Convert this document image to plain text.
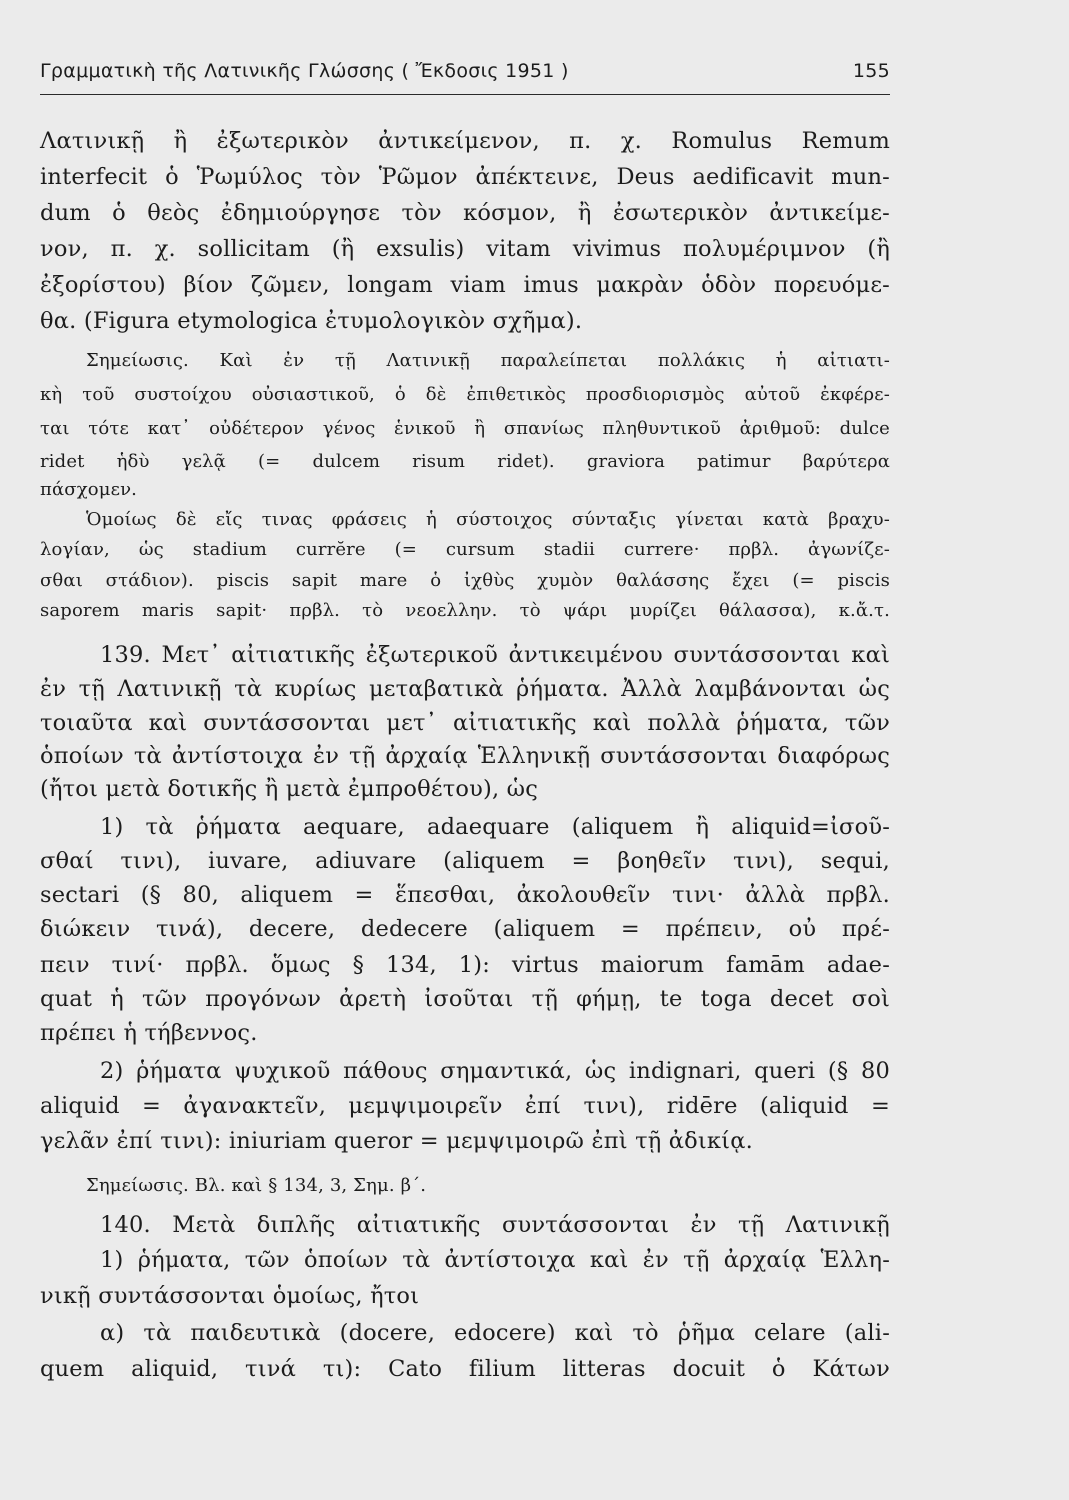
Γραμματικὴ τῆς Λατινικῆς Γλώσσης ( Ἔκδοσις 1951 )	155
Λατινικῇ ἢ ἐξωτερικὸν ἀντικείμενον, π. χ. Romulus Remum
interfecit ὁ Ῥωμύλος τὸν Ῥῶμον ἀπέκτεινε, Deus aedificavit mun-
dum ὁ θεὸς ἐδημιούργησε τὸν κόσμον, ἢ ἐσωτερικὸν ἀντικείμε-
νον, π. χ. sollicitam (ἢ exsulis) vitam vivimus πολυμέριμνον (ἢ
ἐξορίστου) βίον ζῶμεν, longam viam imus μακρὰν ὁδὸν πορευόμε-
θα. (Figura etymologica ἐτυμολογικὸν σχῆμα).
Σημείωσις. Καὶ ἐν τῇ Λατινικῇ παραλείπεται πολλάκις ἡ αἰτιατι-
κὴ τοῦ συστοίχου οὐσιαστικοῦ, ὁ δὲ ἐπιθετικὸς προσδιορισμὸς αὐτοῦ ἐκφέρε-
ται τότε κατ᾽ οὐδέτερον γένος ἑνικοῦ ἢ σπανίως πληθυντικοῦ ἀριθμοῦ: dulce
ridet ἡδὺ γελᾷ (= dulcem risum ridet). graviora patimur βαρύτερα
πάσχομεν.
Ὁμοίως δὲ εἴς τινας φράσεις ἡ σύστοιχος σύνταξις γίνεται κατὰ βραχυ-
λογίαν, ὡς stadium currĕre (= cursum stadii currere· πρβλ. ἀγωνίζε-
σθαι στάδιον). piscis sapit mare ὁ ἰχθὺς χυμὸν θαλάσσης ἔχει (= piscis
saporem maris sapit· πρβλ. τὸ νεοελλην. τὸ ψάρι μυρίζει θάλασσα), κ.ἄ.τ.
139. Μετ᾽ αἰτιατικῆς ἐξωτερικοῦ ἀντικειμένου συντάσσονται καὶ
ἐν τῇ Λατινικῇ τὰ κυρίως μεταβατικὰ ῥήματα. Ἀλλὰ λαμβάνονται ὡς
τοιαῦτα καὶ συντάσσονται μετ᾽ αἰτιατικῆς καὶ πολλὰ ῥήματα, τῶν
ὁποίων τὰ ἀντίστοιχα ἐν τῇ ἀρχαίᾳ Ἑλληνικῇ συντάσσονται διαφόρως
(ἤτοι μετὰ δοτικῆς ἢ μετὰ ἐμπροθέτου), ὡς
1) τὰ ῥήματα aequare, adaequare (aliquem ἢ aliquid=ἰσοῦ-
σθαί τινι), iuvare, adiuvare (aliquem = βοηθεῖν τινι), sequi,
sectari (§ 80, aliquem = ἕπεσθαι, ἀκολουθεῖν τινι· ἀλλὰ πρβλ.
διώκειν τινά), decere, dedecere (aliquem = πρέπειν, οὐ πρέ-
πειν τινί· πρβλ. ὅμως § 134, 1): virtus maiorum famām adae-
quat ἡ τῶν προγόνων ἀρετὴ ἰσοῦται τῇ φήμῃ, te toga decet σοὶ
πρέπει ἡ τήβεννος.
2) ῥήματα ψυχικοῦ πάθους σημαντικά, ὡς indignari, queri (§ 80
aliquid = ἀγανακτεῖν, μεμψιμοιρεῖν ἐπί τινι), ridēre (aliquid =
γελᾶν ἐπί τινι): iniuriam queror = μεμψιμοιρῶ ἐπὶ τῇ ἀδικίᾳ.
Σημείωσις. Βλ. καὶ § 134, 3, Σημ. β΄.
140. Μετὰ διπλῆς αἰτιατικῆς συντάσσονται ἐν τῇ Λατινικῇ
1) ῥήματα, τῶν ὁποίων τὰ ἀντίστοιχα καὶ ἐν τῇ ἀρχαίᾳ Ἑλλη-
νικῇ συντάσσονται ὁμοίως, ἤτοι
α) τὰ παιδευτικὰ (docere, edocere) καὶ τὸ ῥῆμα celare (ali-
quem aliquid, τινά τι): Cato filium litteras docuit ὁ Κάτων
